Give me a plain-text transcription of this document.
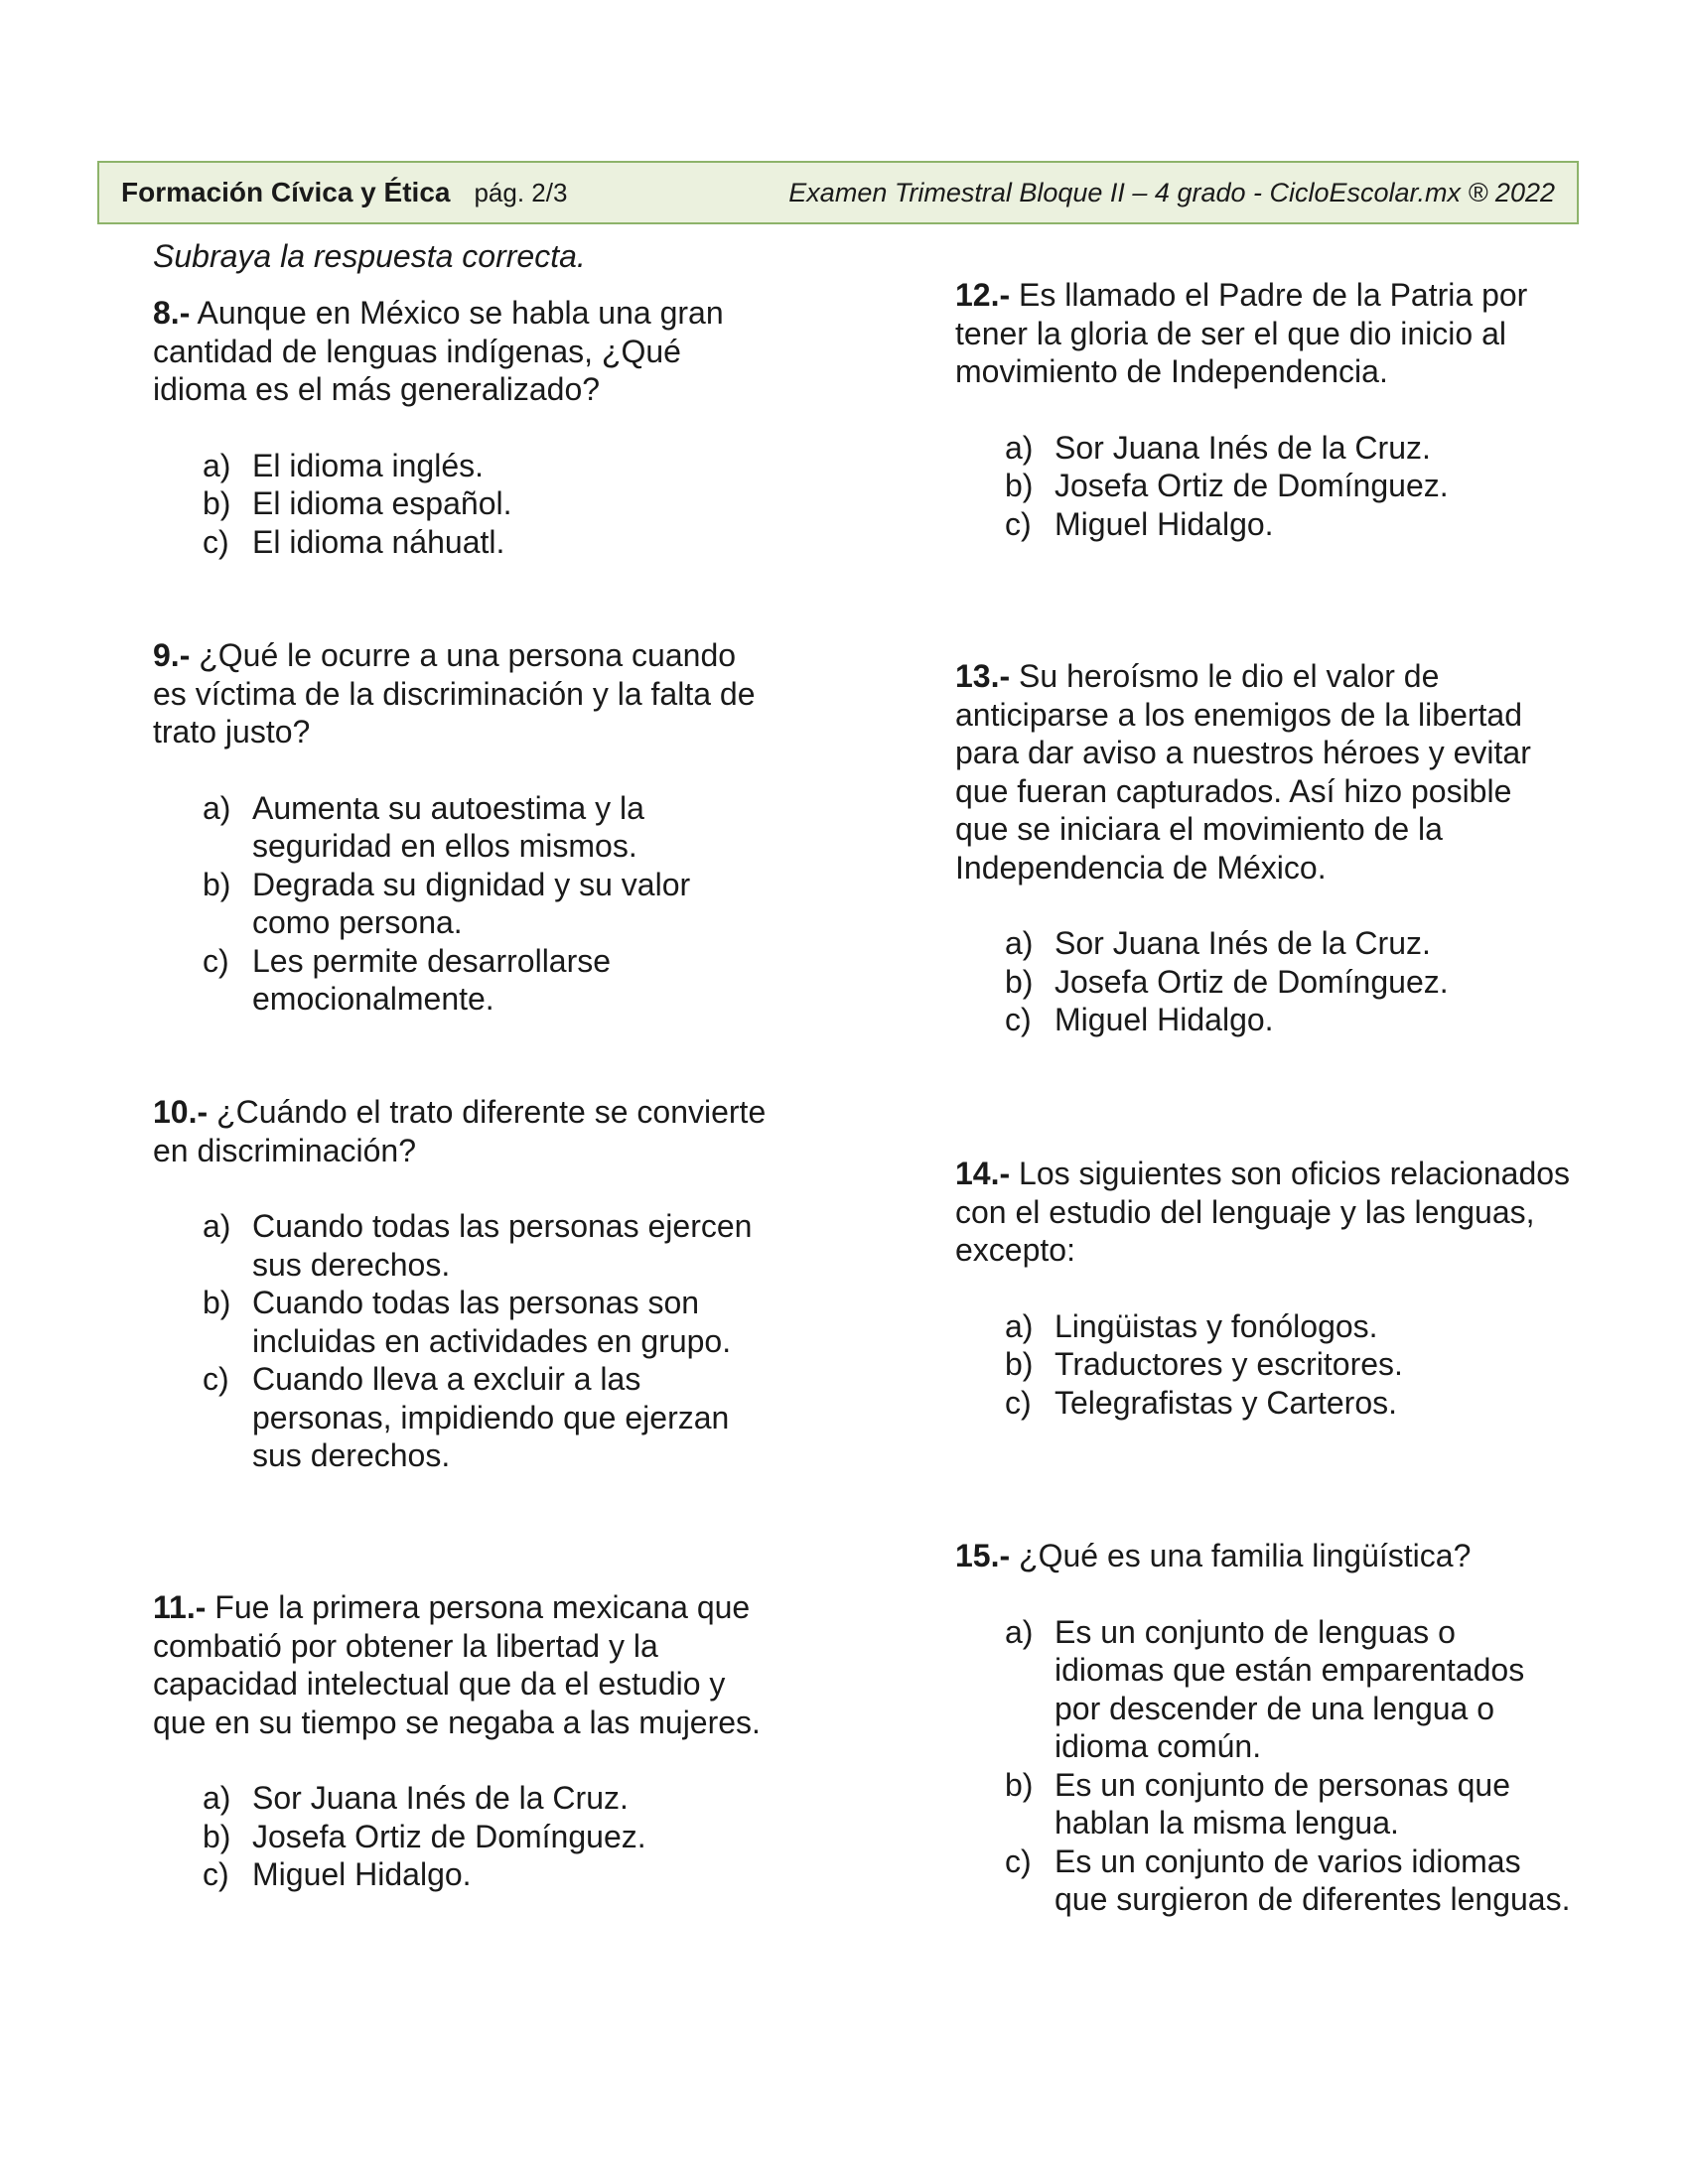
Formación Cívica y Ética pág. 2/3	Examen Trimestral Bloque II – 4 grado - CicloEscolar.mx ® 2022

Subraya la respuesta correcta.

8.- Aunque en México se habla una gran cantidad de lenguas indígenas, ¿Qué idioma es el más generalizado?

a) El idioma inglés.
b) El idioma español.
c) El idioma náhuatl.

9.- ¿Qué le ocurre a una persona cuando es víctima de la discriminación y la falta de trato justo?

a) Aumenta su autoestima y la seguridad en ellos mismos.
b) Degrada su dignidad y su valor como persona.
c) Les permite desarrollarse emocionalmente.

10.- ¿Cuándo el trato diferente se convierte en discriminación?

a) Cuando todas las personas ejercen sus derechos.
b) Cuando todas las personas son incluidas en actividades en grupo.
c) Cuando lleva a excluir a las personas, impidiendo que ejerzan sus derechos.

11.- Fue la primera persona mexicana que combatió por obtener la libertad y la capacidad intelectual que da el estudio y que en su tiempo se negaba a las mujeres.

a) Sor Juana Inés de la Cruz.
b) Josefa Ortiz de Domínguez.
c) Miguel Hidalgo.

12.- Es llamado el Padre de la Patria por tener la gloria de ser el que dio inicio al movimiento de Independencia.

a) Sor Juana Inés de la Cruz.
b) Josefa Ortiz de Domínguez.
c) Miguel Hidalgo.

13.- Su heroísmo le dio el valor de anticiparse a los enemigos de la libertad para dar aviso a nuestros héroes y evitar que fueran capturados. Así hizo posible que se iniciara el movimiento de la Independencia de México.

a) Sor Juana Inés de la Cruz.
b) Josefa Ortiz de Domínguez.
c) Miguel Hidalgo.

14.- Los siguientes son oficios relacionados con el estudio del lenguaje y las lenguas, excepto:

a) Lingüistas y fonólogos.
b) Traductores y escritores.
c) Telegrafistas y Carteros.

15.- ¿Qué es una familia lingüística?

a) Es un conjunto de lenguas o idiomas que están emparentados por descender de una lengua o idioma común.
b) Es un conjunto de personas que hablan la misma lengua.
c) Es un conjunto de varios idiomas que surgieron de diferentes lenguas.
